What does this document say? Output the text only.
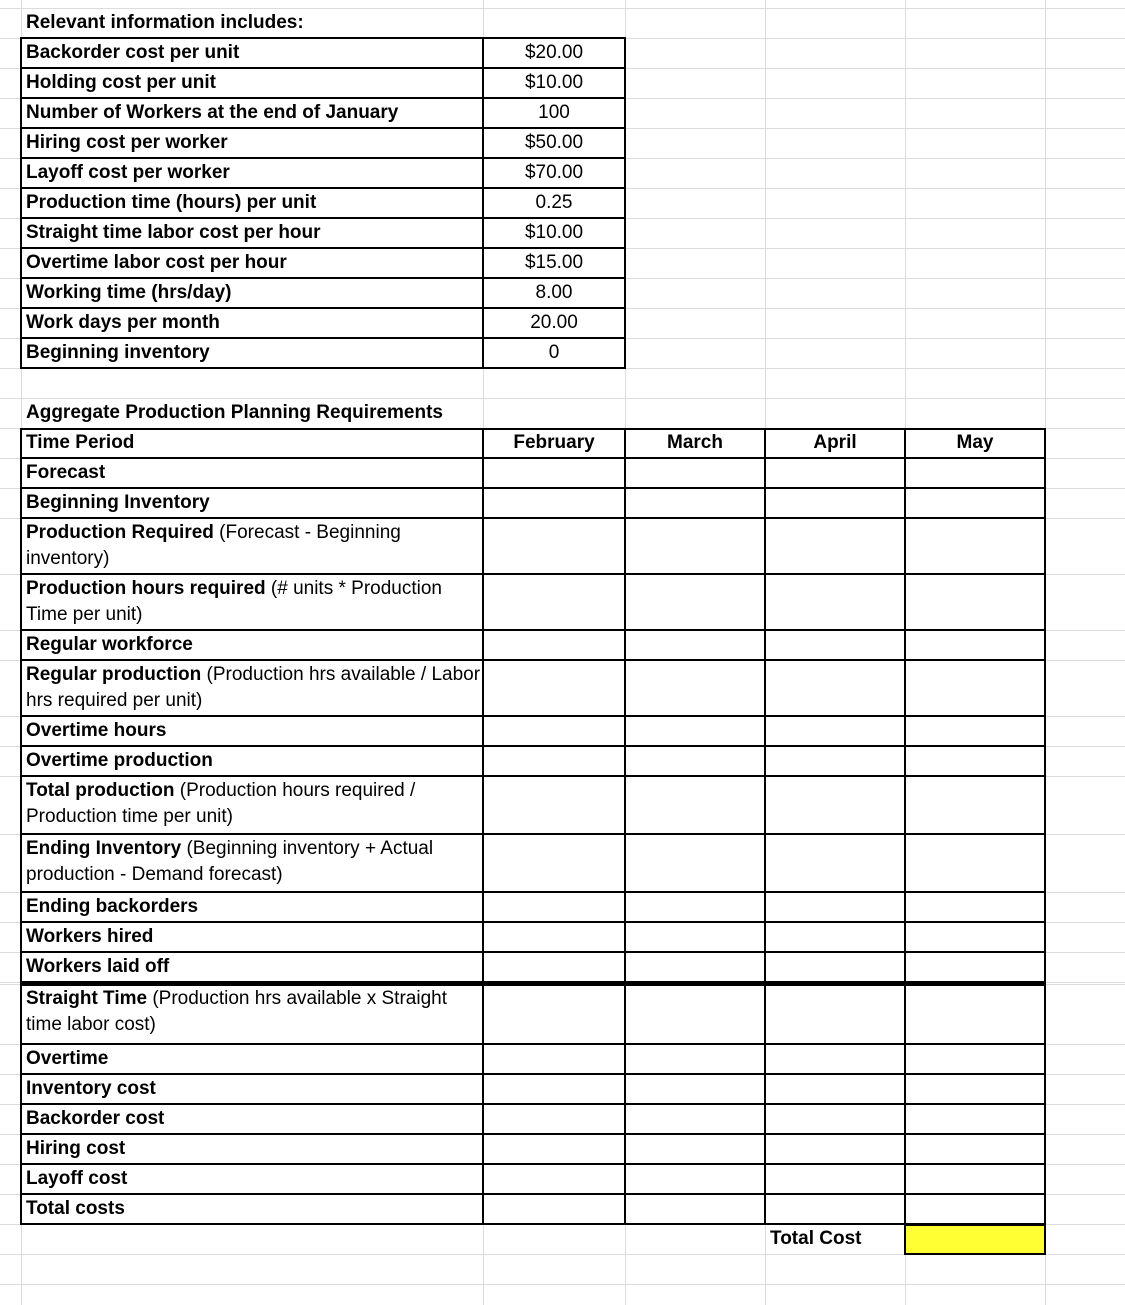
Relevant information includes:
Backorder cost per unit	$20.00
Holding cost per unit	$10.00
Number of Workers at the end of January	100
Hiring cost per worker	$50.00
Layoff cost per worker	$70.00
Production time (hours) per unit	0.25
Straight time labor cost per hour	$10.00
Overtime labor cost per hour	$15.00
Working time (hrs/day)	8.00
Work days per month	20.00
Beginning inventory	0
Aggregate Production Planning Requirements
Time Period	February	March	April	May
Forecast
Beginning Inventory
Production Required (Forecast - Beginning inventory)
Production hours required (# units * Production Time per unit)
Regular workforce
Regular production (Production hrs available / Labor hrs required per unit)
Overtime hours
Overtime production
Total production (Production hours required / Production time per unit)
Ending Inventory (Beginning inventory + Actual production - Demand forecast)
Ending backorders
Workers hired
Workers laid off
Straight Time (Production hrs available x Straight time labor cost)
Overtime
Inventory cost
Backorder cost
Hiring cost
Layoff cost
Total costs
Total Cost
